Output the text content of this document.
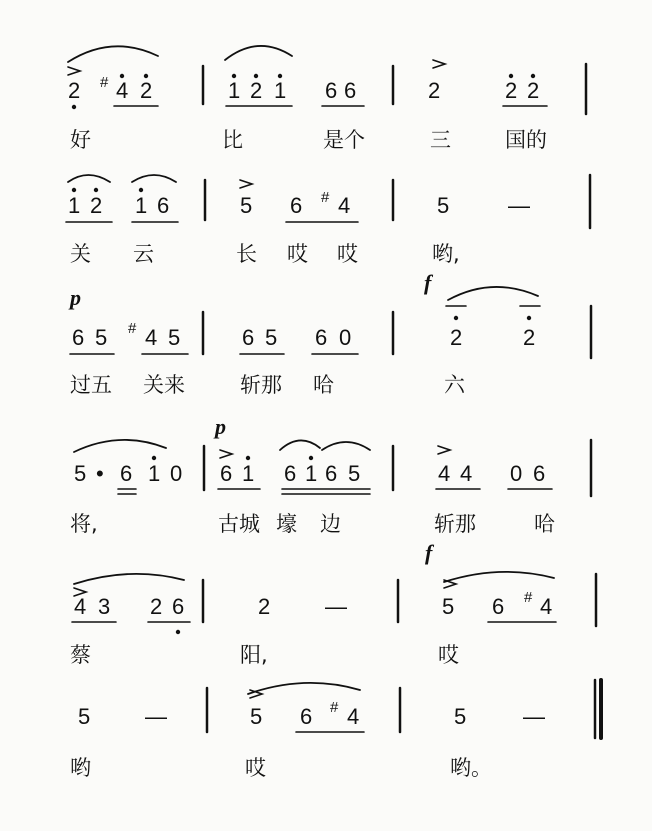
2 # 4 2	1 2 1 6 6	2	2 2
好	比	是个	三	国的
1 2 1 6	5 6 # 4	5	—
关 云	长 哎 哎	哟,
p
f
6 5 # 4 5	6 5 6 0	2	2
过五 关来	斩那 哈	六
p
5 • 6 1 0 6 1 6 1 6 5	4 4 0 6
将,	古城 壕 边	斩那	哈
f
4 3 2 6	2 —	5 6 # 4
蔡	阳,	哎
5 —	5 6 # 4	5	—
哟	哎	哟。
